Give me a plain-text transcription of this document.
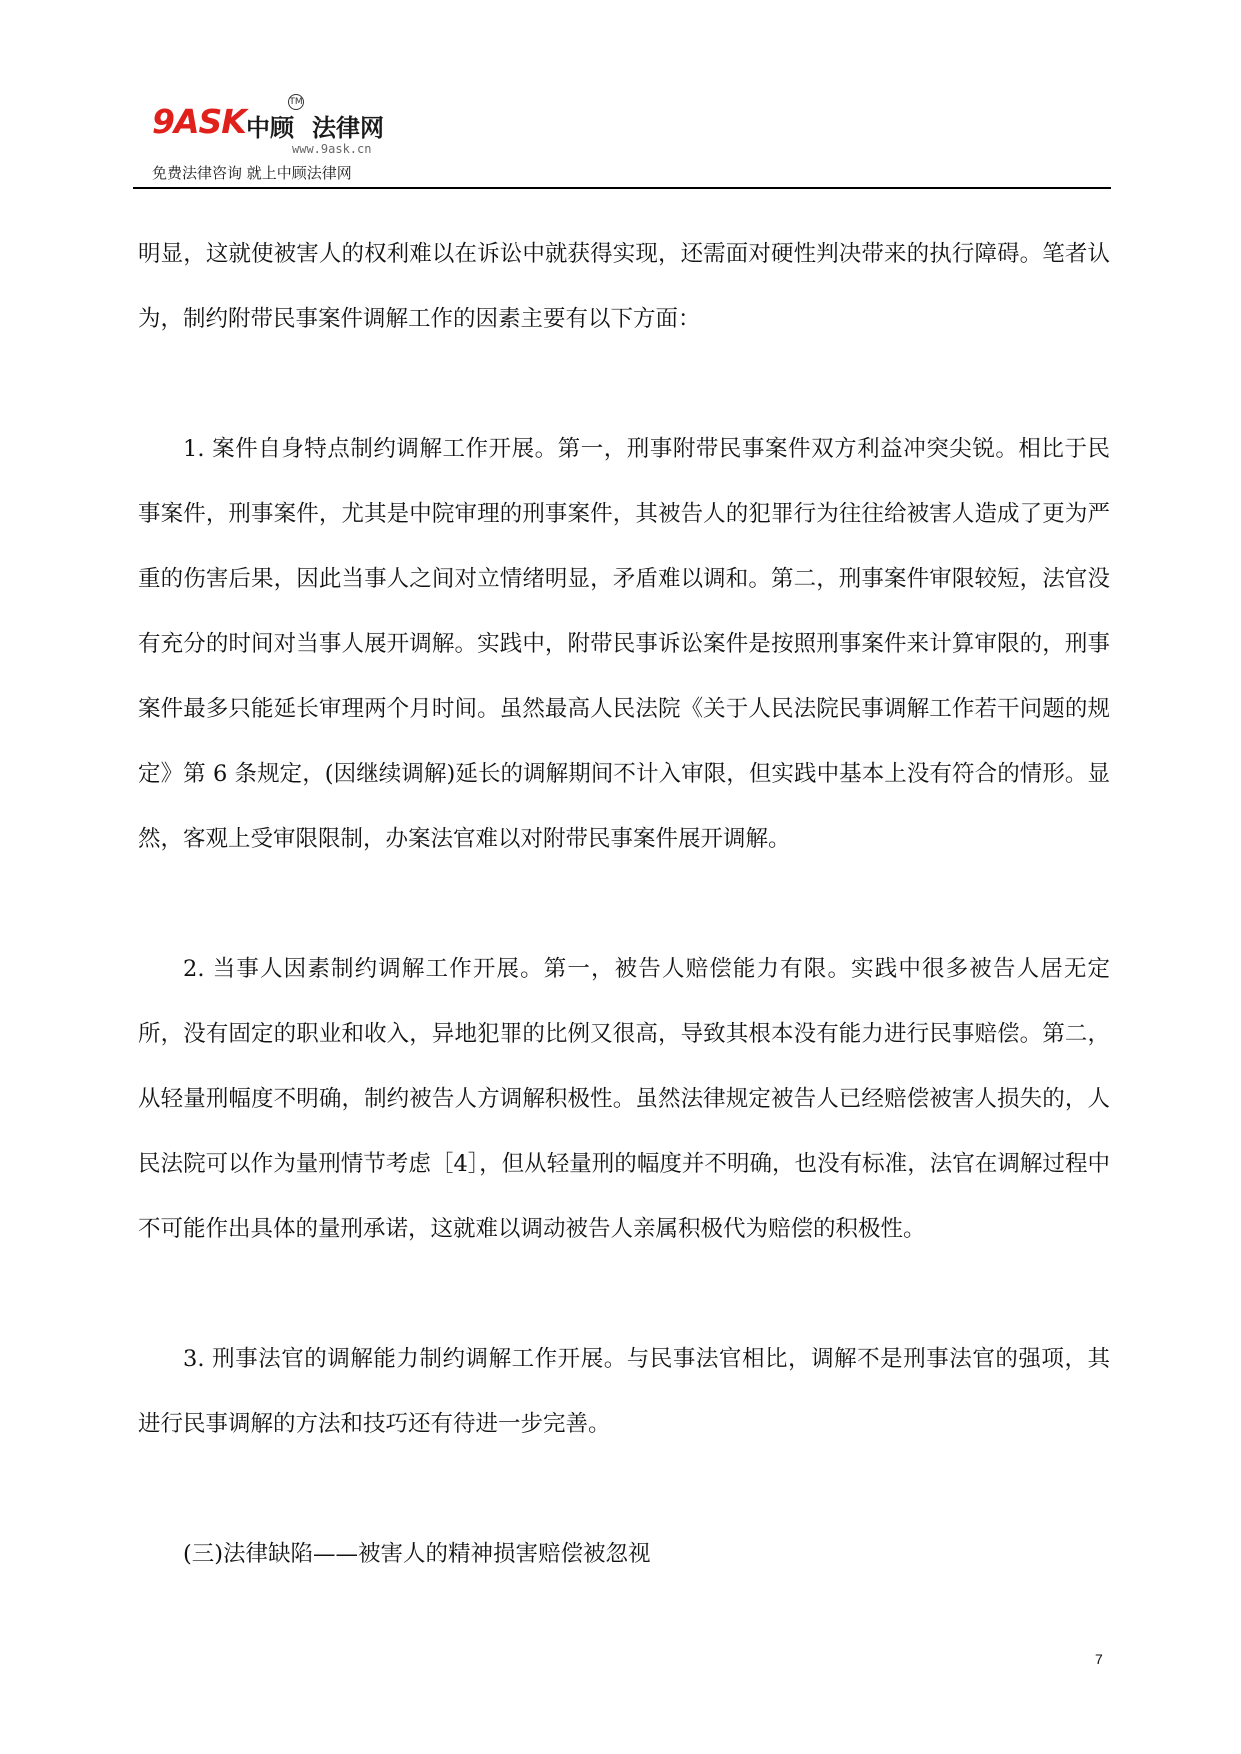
9ASK 中顾
TM
法律网
www.9ask.cn
免费法律咨询 就上中顾法律网

明显，这就使被害人的权利难以在诉讼中就获得实现，还需面对硬性判决带来的执行障碍。笔者认为，制约附带民事案件调解工作的因素主要有以下方面：

1. 案件自身特点制约调解工作开展。第一，刑事附带民事案件双方利益冲突尖锐。相比于民事案件，刑事案件，尤其是中院审理的刑事案件，其被告人的犯罪行为往往给被害人造成了更为严重的伤害后果，因此当事人之间对立情绪明显，矛盾难以调和。第二，刑事案件审限较短，法官没有充分的时间对当事人展开调解。实践中，附带民事诉讼案件是按照刑事案件来计算审限的，刑事案件最多只能延长审理两个月时间。虽然最高人民法院《关于人民法院民事调解工作若干问题的规定》第 6 条规定，(因继续调解)延长的调解期间不计入审限，但实践中基本上没有符合的情形。显然，客观上受审限限制，办案法官难以对附带民事案件展开调解。

2. 当事人因素制约调解工作开展。第一，被告人赔偿能力有限。实践中很多被告人居无定所，没有固定的职业和收入，异地犯罪的比例又很高，导致其根本没有能力进行民事赔偿。第二，从轻量刑幅度不明确，制约被告人方调解积极性。虽然法律规定被告人已经赔偿被害人损失的，人民法院可以作为量刑情节考虑［4］，但从轻量刑的幅度并不明确，也没有标准，法官在调解过程中不可能作出具体的量刑承诺，这就难以调动被告人亲属积极代为赔偿的积极性。

3. 刑事法官的调解能力制约调解工作开展。与民事法官相比，调解不是刑事法官的强项，其进行民事调解的方法和技巧还有待进一步完善。

(三)法律缺陷——被害人的精神损害赔偿被忽视

7
